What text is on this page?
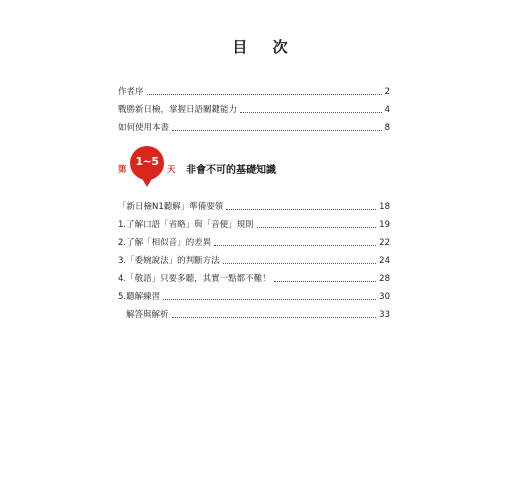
目 次
作者序	2
戰勝新日檢，掌握日語關鍵能力	4
如何使用本書	8
第
1~5
天 非會不可的基礎知識
「新日檢N1聽解」準備要領	18
1.了解口語「省略」與「音便」規則	19
2.了解「相似音」的差異	22
3.「委婉說法」的判斷方法	24
4.「敬語」只要多聽，其實一點都不難！	28
5.聽解練習	30
解答與解析	33
